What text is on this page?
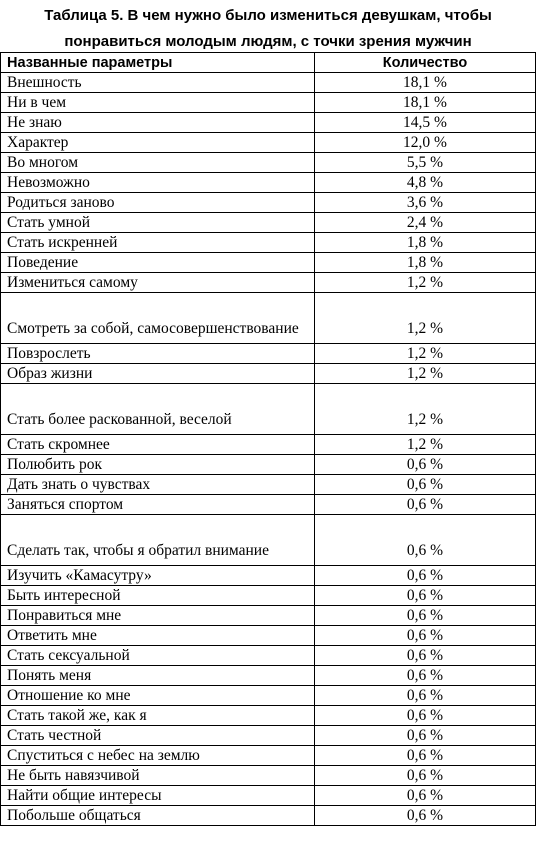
Таблица 5. В чем нужно было измениться девушкам, чтобы
понравиться молодым людям, с точки зрения мужчин
Названные параметры	Количество
Внешность	18,1 %
Ни в чем	18,1 %
Не знаю	14,5 %
Характер	12,0 %
Во многом	5,5 %
Невозможно	4,8 %
Родиться заново	3,6 %
Стать умной	2,4 %
Стать искренней	1,8 %
Поведение	1,8 %
Измениться самому	1,2 %
Смотреть за собой, самосовершенствование	1,2 %
Повзрослеть	1,2 %
Образ жизни	1,2 %
Стать более раскованной, веселой	1,2 %
Стать скромнее	1,2 %
Полюбить рок	0,6 %
Дать знать о чувствах	0,6 %
Заняться спортом	0,6 %
Сделать так, чтобы я обратил внимание	0,6 %
Изучить «Камасутру»	0,6 %
Быть интересной	0,6 %
Понравиться мне	0,6 %
Ответить мне	0,6 %
Стать сексуальной	0,6 %
Понять меня	0,6 %
Отношение ко мне	0,6 %
Стать такой же, как я	0,6 %
Стать честной	0,6 %
Спуститься с небес на землю	0,6 %
Не быть навязчивой	0,6 %
Найти общие интересы	0,6 %
Побольше общаться	0,6 %
